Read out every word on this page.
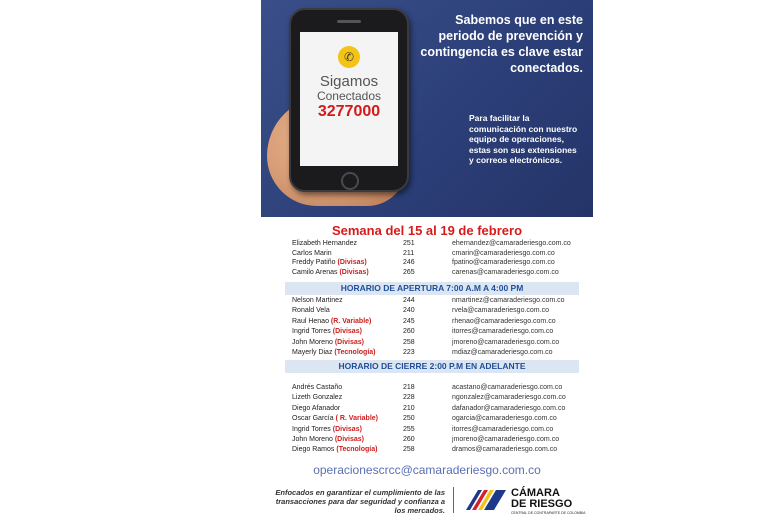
✆
Sigamos
Conectados
3277000
Sabemos que en este periodo de prevención y contingencia es clave estar conectados.
Para facilitar la comunicación con nuestro equipo de operaciones, estas son sus extensiones y correos electrónicos.
Semana del 15 al 19 de febrero
Elizabeth Hernandez	251	ehernandez@camaraderiesgo.com.co
Carlos Marin	211	cmarin@camaraderiesgo.com.co
Freddy Patiño (Divisas)	246	fpatino@camaraderiesgo.com.co
Camilo Arenas (Divisas)	265	carenas@camaraderiesgo.com.co
HORARIO DE APERTURA 7:00 A.M A 4:00 PM
Nelson Martinez	244	nmartinez@camaraderiesgo.com.co
Ronald Vela	240	rvela@camaraderiesgo.com.co
Raul Henao (R. Variable)	245	rhenao@camaraderiesgo.com.co
Ingrid Torres (Divisas)	260	itorres@camaraderiesgo.com.co
John Moreno (Divisas)	258	jmoreno@camaraderiesgo.com.co
Mayerly Diaz (Tecnología)	223	mdiaz@camaraderiesgo.com.co
HORARIO DE CIERRE 2:00 P.M EN ADELANTE
Andrés Castaño	218	acastano@camaraderiesgo.com.co
Lizeth Gonzalez	228	ngonzalez@camaraderiesgo.com.co
Diego Afanador	210	dafanador@camaraderiesgo.com.co
Oscar García ( R. Variable)	250	ogarcia@camaraderiesgo.com.co
Ingrid Torres (Divisas)	255	itorres@camaraderiesgo.com.co
John Moreno (Divisas)	260	jmoreno@camaraderiesgo.com.co
Diego Ramos (Tecnología)	258	dramos@camaraderiesgo.com.co
operacionescrcc@camaraderiesgo.com.co
Enfocados en garantizar el cumplimiento de las transacciones para dar seguridad y confianza a los mercados.
CÁMARA
DE RIESGO
CENTRAL DE CONTRAPARTE DE COLOMBIA
